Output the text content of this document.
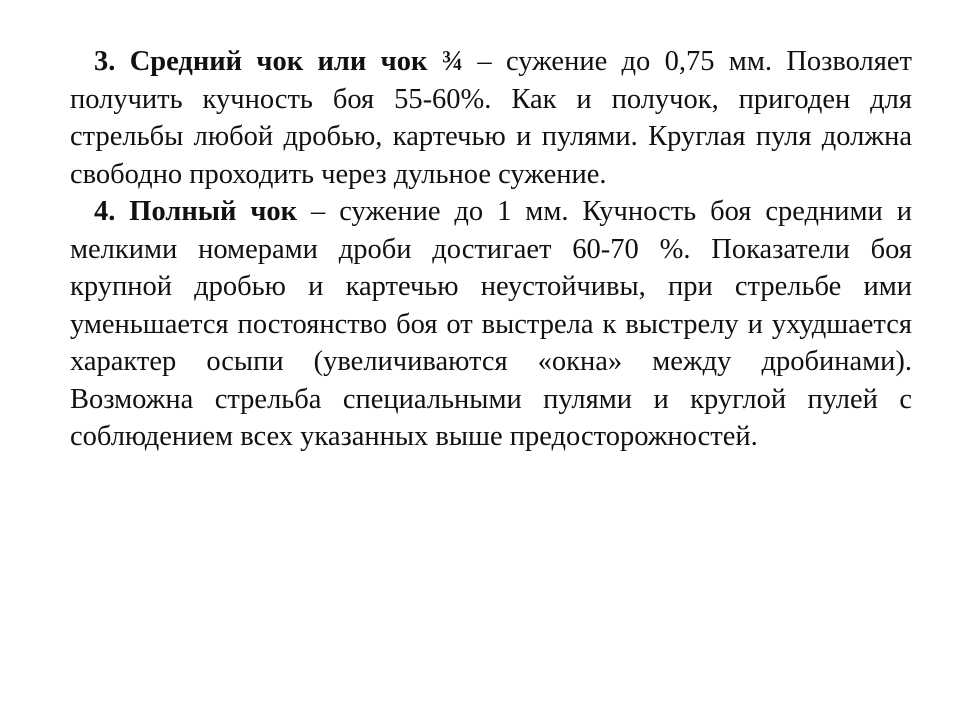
3. Средний чок или чок ¾ – сужение до 0,75 мм. Позволяет получить кучность боя 55-60%. Как и получок, пригоден для стрельбы любой дробью, картечью и пулями. Круглая пуля должна свободно проходить через дульное сужение.

4. Полный чок – сужение до 1 мм. Кучность боя средними и мелкими номерами дроби достигает 60-70 %. Показатели боя крупной дробью и картечью неустойчивы, при стрельбе ими уменьшается постоянство боя от выстрела к выстрелу и ухудшается характер осыпи (увеличиваются «окна» между дробинами). Возможна стрельба специальными пулями и круглой пулей с соблюдением всех указанных выше предосторожностей.
